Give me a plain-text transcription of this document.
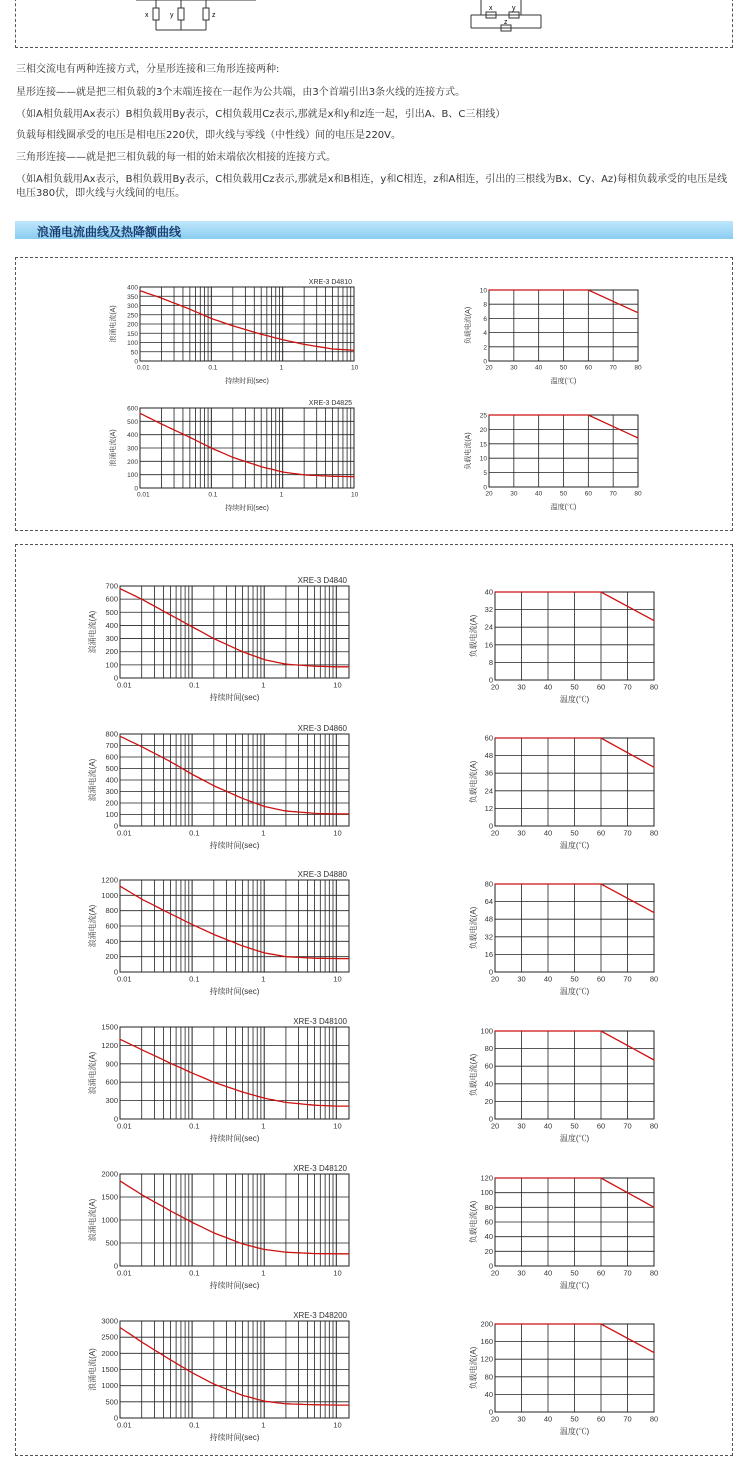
x	y	z
x	y
z

三相交流电有两种连接方式，分星形连接和三角形连接两种:

星形连接——就是把三相负载的3个末端连接在一起作为公共端，由3个首端引出3条火线的连接方式。

（如A相负载用Ax表示）B相负载用By表示，C相负载用Cz表示,那就是x和y和z连一起，引出A、B、C三相线）

负载每相线圈承受的电压是相电压220伏，即火线与零线（中性线）间的电压是220V。

三角形连接——就是把三相负载的每一相的始末端依次相接的连接方式。

（如A相负载用Ax表示，B相负载用By表示，C相负载用Cz表示,那就是x和B相连，y和C相连，z和A相连，引出的三根线为Bx、Cy、Az)每相负载承受的电压是线电压380伏，即火线与火线间的电压。

浪涌电流曲线及热降额曲线
0
50
100
150
200
250
300
350
400
0.01	0.1	1	10
持续时间(sec)
浪涌电流(A)
XRE-3 D4810
0
2
4
6
8
10
20	30	40	50	60	70	80
温度(℃)
负载电流(A)
0
100
200
300
400
500
600
0.01	0.1	1	10
持续时间(sec)
浪涌电流(A)
XRE-3 D4825
0
5
10
15
20
25
20	30	40	50	60	70	80
温度(℃)
负载电流(A)
0
100
200
300
400
500
600
700
0.01	0.1	1	10
持续时间(sec)
浪涌电流(A)
XRE-3 D4840
0
8
16
24
32
40
20 30 40 50 60 70 80
温度(℃)
负载电流(A)
0
100
200
300
400
500
600
700
800
0.01	0.1	1	10
持续时间(sec)
浪涌电流(A)
XRE-3 D4860
0
12
24
36
48
60
20 30 40 50 60 70 80
温度(℃)
负载电流(A)
0
200
400
600
800
1000
1200
0.01	0.1	1	10
持续时间(sec)
浪涌电流(A)
XRE-3 D4880
0
16
32
48
64
80
20 30 40 50 60 70 80
温度(℃)
负载电流(A)
0
300
600
900
1200
1500
0.01	0.1	1	10
持续时间(sec)
浪涌电流(A)
XRE-3 D48100
0
20
40
60
80
100
20 30 40 50 60 70 80
温度(℃)
负载电流(A)
0
500
1000
1500
2000
0.01	0.1	1	10
持续时间(sec)
浪涌电流(A)
XRE-3 D48120
0
20
40
60
80
100
120
20 30 40 50 60 70 80
温度(℃)
负载电流(A)
0
500
1000
1500
2000
2500
3000
0.01	0.1	1	10
持续时间(sec)
浪涌电流(A)
XRE-3 D48200
0
40
80
120
160
200
20 30 40 50 60 70 80
温度(℃)
负载电流(A)
